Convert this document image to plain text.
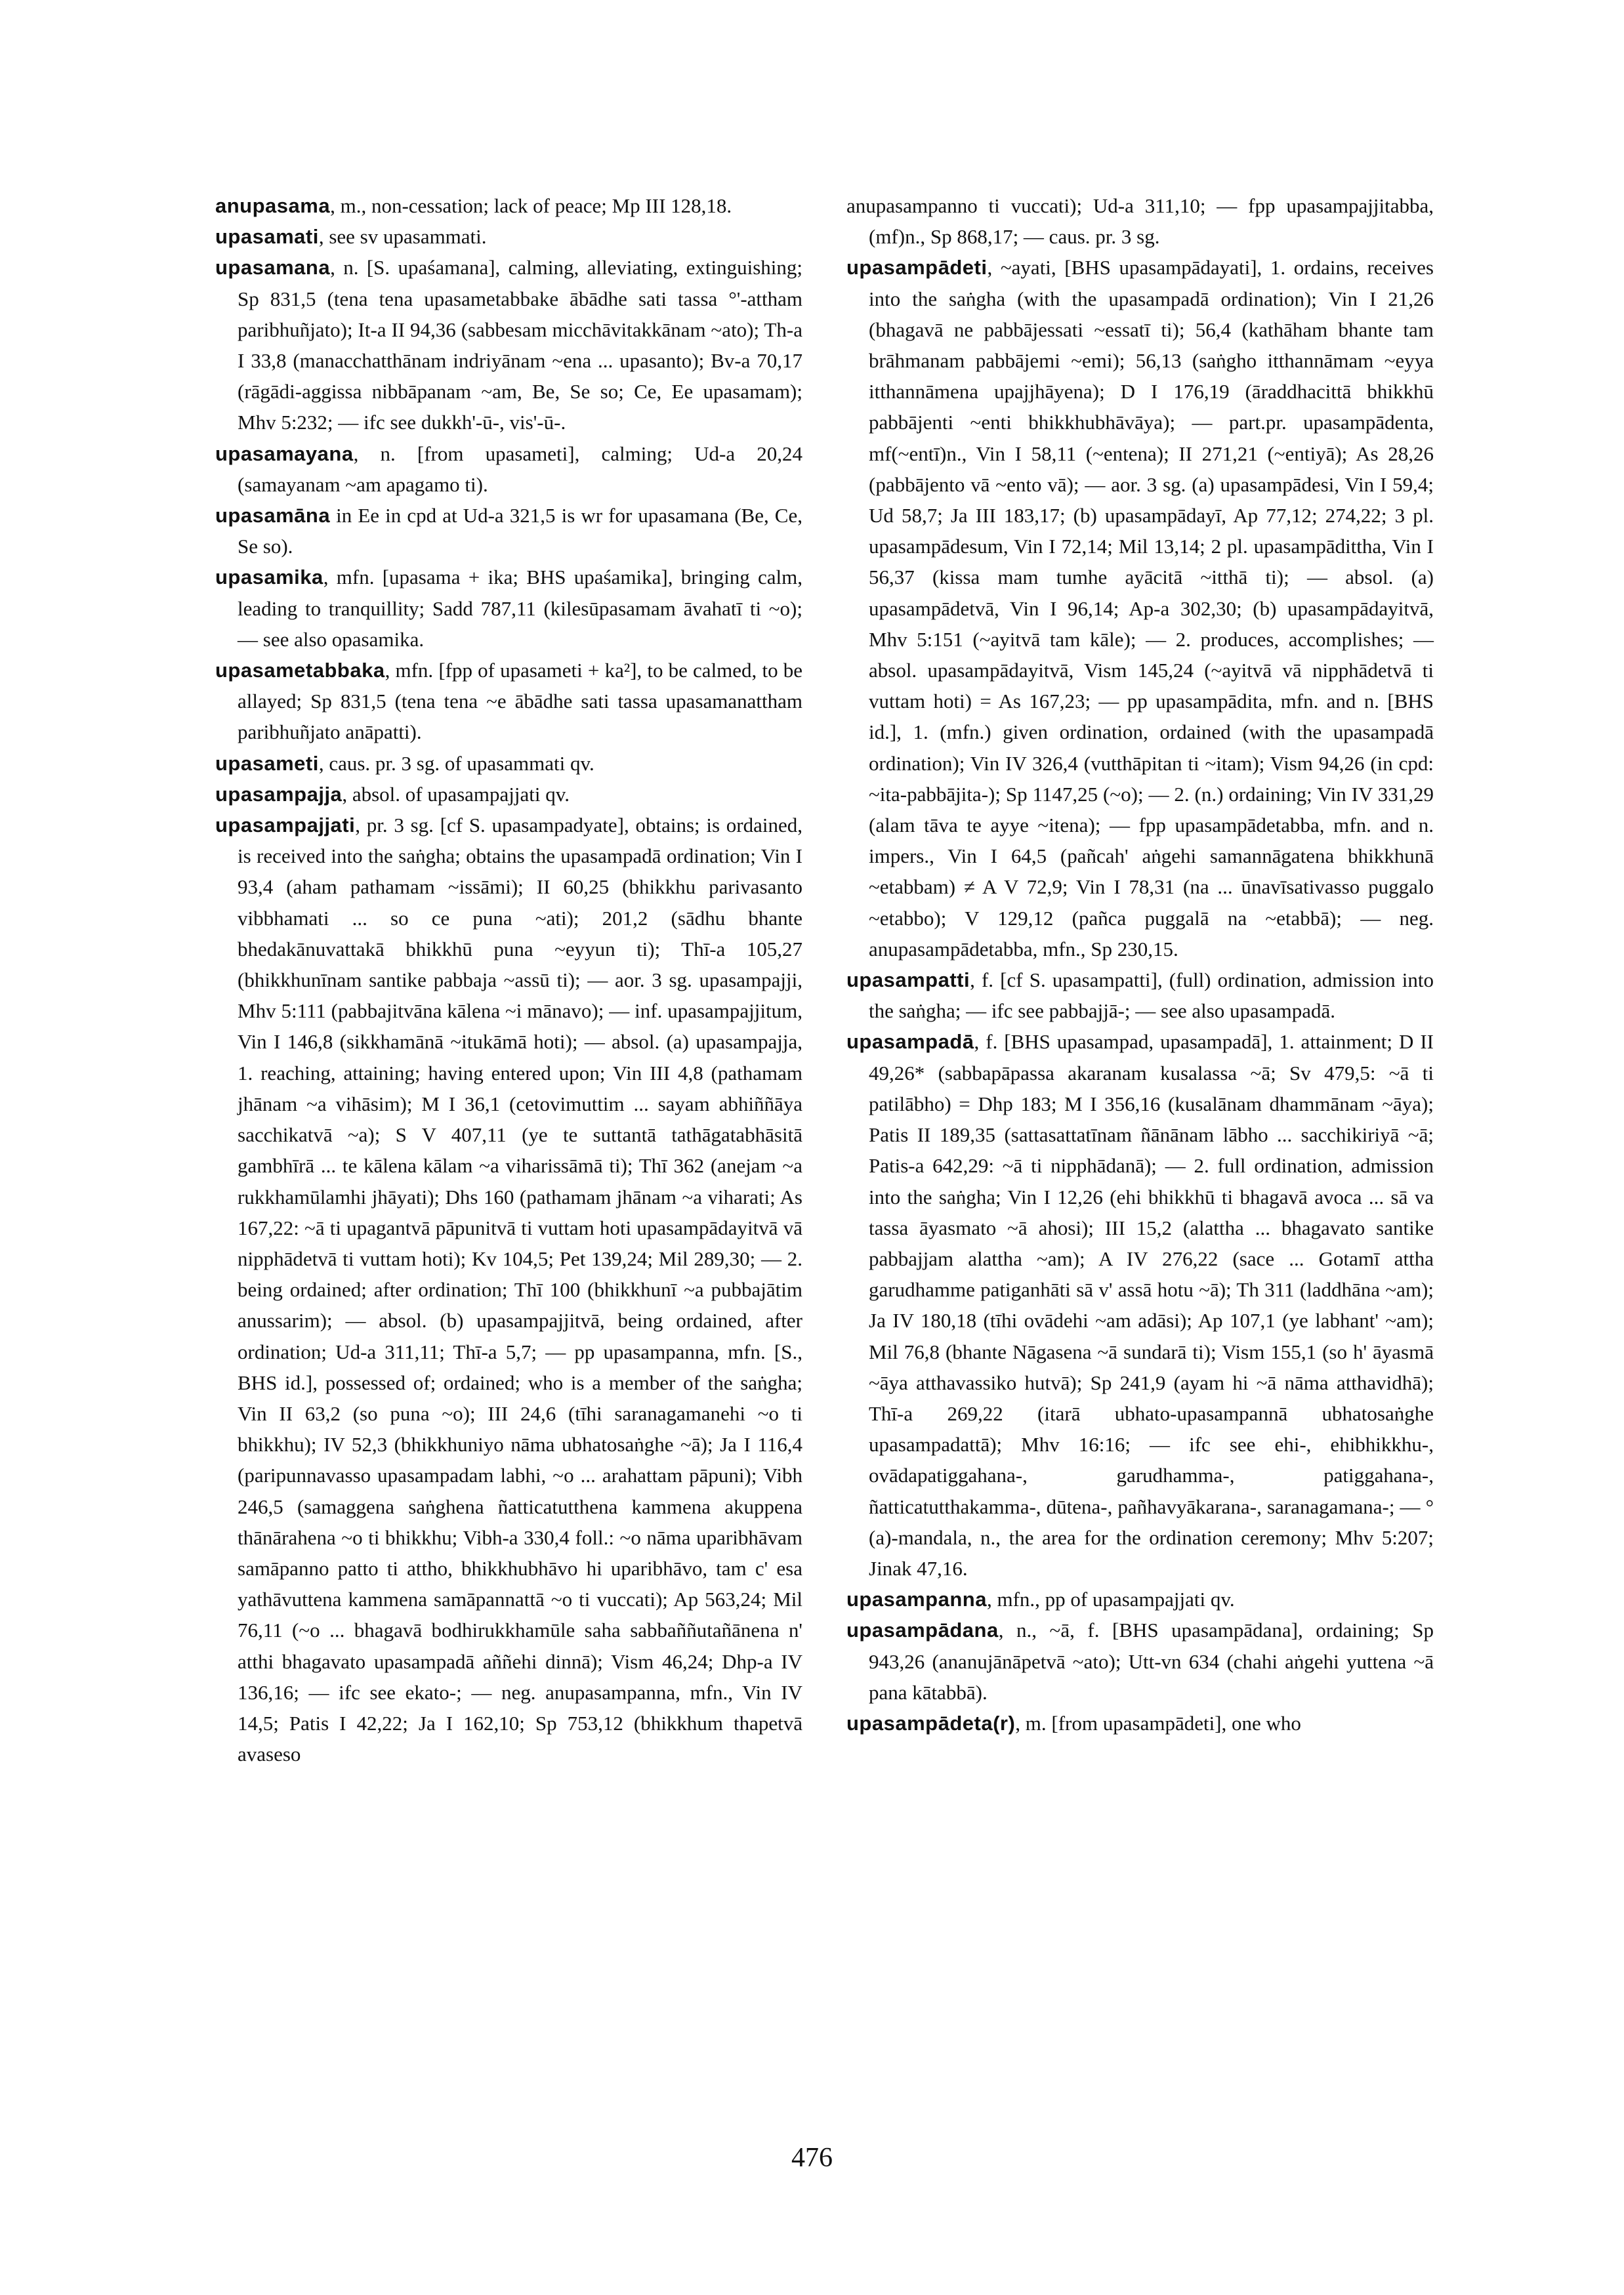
anupasama, m., non-cessation; lack of peace; Mp III 128,18.

upasamati, see sv upasammati.

upasamana, n. [S. upaśamana], calming, alleviating, extinguishing; Sp 831,5 (tena tena upasametabbake ābādhe sati tassa °'-attham paribhuñjato); It-a II 94,36 (sabbesam micchāvitakkānam ~ato); Th-a I 33,8 (manacchatthānam indriyānam ~ena ... upasanto); Bv-a 70,17 (rāgādi-aggissa nibbāpanam ~am, Be, Se so; Ce, Ee upasamam); Mhv 5:232; — ifc see dukkh'-ū-, vis'-ū-.

upasamayana, n. [from upasameti], calming; Ud-a 20,24 (samayanam ~am apagamo ti).

upasamāna in Ee in cpd at Ud-a 321,5 is wr for upasamana (Be, Ce, Se so).

upasamika, mfn. [upasama + ika; BHS upaśamika], bringing calm, leading to tranquillity; Sadd 787,11 (kilesūpasamam āvahatī ti ~o); — see also opasamika.

upasametabbaka, mfn. [fpp of upasameti + ka²], to be calmed, to be allayed; Sp 831,5 (tena tena ~e ābādhe sati tassa upasamanattham paribhuñjato anāpatti).

upasameti, caus. pr. 3 sg. of upasammati qv.

upasampajja, absol. of upasampajjati qv.

upasampajjati, pr. 3 sg. [cf S. upasampadyate], obtains; is ordained, is received into the saṅgha; obtains the upasampadā ordination; Vin I 93,4 (aham pathamam ~issāmi); II 60,25 (bhikkhu parivasanto vibbhamati ... so ce puna ~ati); 201,2 (sādhu bhante bhedakānuvattakā bhikkhū puna ~eyyun ti); Thī-a 105,27 (bhikkhunīnam santike pabbaja ~assū ti); — aor. 3 sg. upasampajji, Mhv 5:111 (pabbajitvāna kālena ~i mānavo); — inf. upasampajjitum, Vin I 146,8 (sikkhamānā ~itukāmā hoti); — absol. (a) upasampajja, 1. reaching, attaining; having entered upon; Vin III 4,8 (pathamam jhānam ~a vihāsim); M I 36,1 (cetovimuttim ... sayam abhiññāya sacchikatvā ~a); S V 407,11 (ye te suttantā tathāgatabhāsitā gambhīrā ... te kālena kālam ~a viharissāmā ti); Thī 362 (anejam ~a rukkhamūlamhi jhāyati); Dhs 160 (pathamam jhānam ~a viharati; As 167,22: ~ā ti upagantvā pāpunitvā ti vuttam hoti upasampādayitvā vā nipphādetvā ti vuttam hoti); Kv 104,5; Pet 139,24; Mil 289,30; — 2. being ordained; after ordination; Thī 100 (bhikkhunī ~a pubbajātim anussarim); — absol. (b) upasampajjitvā, being ordained, after ordination; Ud-a 311,11; Thī-a 5,7; — pp upasampanna, mfn. [S., BHS id.], possessed of; ordained; who is a member of the saṅgha; Vin II 63,2 (so puna ~o); III 24,6 (tīhi saranagamanehi ~o ti bhikkhu); IV 52,3 (bhikkhuniyo nāma ubhatosaṅghe ~ā); Ja I 116,4 (paripunnavasso upasampadam labhi, ~o ... arahattam pāpuni); Vibh 246,5 (samaggena saṅghena ñatticatutthena kammena akuppena thānārahena ~o ti bhikkhu; Vibh-a 330,4 foll.: ~o nāma uparibhāvam samāpanno patto ti attho, bhikkhubhāvo hi uparibhāvo, tam c' esa yathāvuttena kammena samāpannattā ~o ti vuccati); Ap 563,24; Mil 76,11 (~o ... bhagavā bodhirukkhamūle saha sabbaññutañānena n' atthi bhagavato upasampadā aññehi dinnā); Vism 46,24; Dhp-a IV 136,16; — ifc see ekato-; — neg. anupasampanna, mfn., Vin IV 14,5; Patis I 42,22; Ja I 162,10; Sp 753,12 (bhikkhum thapetvā avaseso

anupasampanno ti vuccati); Ud-a 311,10; — fpp upasampajjitabba, (mf)n., Sp 868,17; — caus. pr. 3 sg.

upasampādeti, ~ayati, [BHS upasampādayati], 1. ordains, receives into the saṅgha (with the upasampadā ordination); Vin I 21,26 (bhagavā ne pabbājessati ~essatī ti); 56,4 (kathāham bhante tam brāhmanam pabbājemi ~emi); 56,13 (saṅgho itthannāmam ~eyya itthannāmena upajjhāyena); D I 176,19 (āraddhacittā bhikkhū pabbājenti ~enti bhikkhubhāvāya); — part.pr. upasampādenta, mf(~entī)n., Vin I 58,11 (~entena); II 271,21 (~entiyā); As 28,26 (pabbājento vā ~ento vā); — aor. 3 sg. (a) upasampādesi, Vin I 59,4; Ud 58,7; Ja III 183,17; (b) upasampādayī, Ap 77,12; 274,22; 3 pl. upasampādesum, Vin I 72,14; Mil 13,14; 2 pl. upasampādittha, Vin I 56,37 (kissa mam tumhe ayācitā ~itthā ti); — absol. (a) upasampādetvā, Vin I 96,14; Ap-a 302,30; (b) upasampādayitvā, Mhv 5:151 (~ayitvā tam kāle); — 2. produces, accomplishes; — absol. upasampādayitvā, Vism 145,24 (~ayitvā vā nipphādetvā ti vuttam hoti) = As 167,23; — pp upasampādita, mfn. and n. [BHS id.], 1. (mfn.) given ordination, ordained (with the upasampadā ordination); Vin IV 326,4 (vutthāpitan ti ~itam); Vism 94,26 (in cpd: ~ita-pabbājita-); Sp 1147,25 (~o); — 2. (n.) ordaining; Vin IV 331,29 (alam tāva te ayye ~itena); — fpp upasampādetabba, mfn. and n. impers., Vin I 64,5 (pañcah' aṅgehi samannāgatena bhikkhunā ~etabbam) ≠ A V 72,9; Vin I 78,31 (na ... ūnavīsativasso puggalo ~etabbo); V 129,12 (pañca puggalā na ~etabbā); — neg. anupasampādetabba, mfn., Sp 230,15.

upasampatti, f. [cf S. upasampatti], (full) ordination, admission into the saṅgha; — ifc see pabbajjā-; — see also upasampadā.

upasampadā, f. [BHS upasampad, upasampadā], 1. attainment; D II 49,26* (sabbapāpassa akaranam kusalassa ~ā; Sv 479,5: ~ā ti patilābho) = Dhp 183; M I 356,16 (kusalānam dhammānam ~āya); Patis II 189,35 (sattasattatīnam ñānānam lābho ... sacchikiriyā ~ā; Patis-a 642,29: ~ā ti nipphādanā); — 2. full ordination, admission into the saṅgha; Vin I 12,26 (ehi bhikkhū ti bhagavā avoca ... sā va tassa āyasmato ~ā ahosi); III 15,2 (alattha ... bhagavato santike pabbajjam alattha ~am); A IV 276,22 (sace ... Gotamī attha garudhamme patiganhāti sā v' assā hotu ~ā); Th 311 (laddhāna ~am); Ja IV 180,18 (tīhi ovādehi ~am adāsi); Ap 107,1 (ye labhant' ~am); Mil 76,8 (bhante Nāgasena ~ā sundarā ti); Vism 155,1 (so h' āyasmā ~āya atthavassiko hutvā); Sp 241,9 (ayam hi ~ā nāma atthavidhā); Thī-a 269,22 (itarā ubhato-upasampannā ubhatosaṅghe upasampadattā); Mhv 16:16; — ifc see ehi-, ehibhikkhu-, ovādapatiggahana-, garudhamma-, patiggahana-, ñatticatutthakamma-, dūtena-, pañhavyākarana-, saranagamana-; — °(a)-mandala, n., the area for the ordination ceremony; Mhv 5:207; Jinak 47,16.

upasampanna, mfn., pp of upasampajjati qv.

upasampādana, n., ~ā, f. [BHS upasampādana], ordaining; Sp 943,26 (ananujānāpetvā ~ato); Utt-vn 634 (chahi aṅgehi yuttena ~ā pana kātabbā).

upasampādeta(r), m. [from upasampādeti], one who

476
